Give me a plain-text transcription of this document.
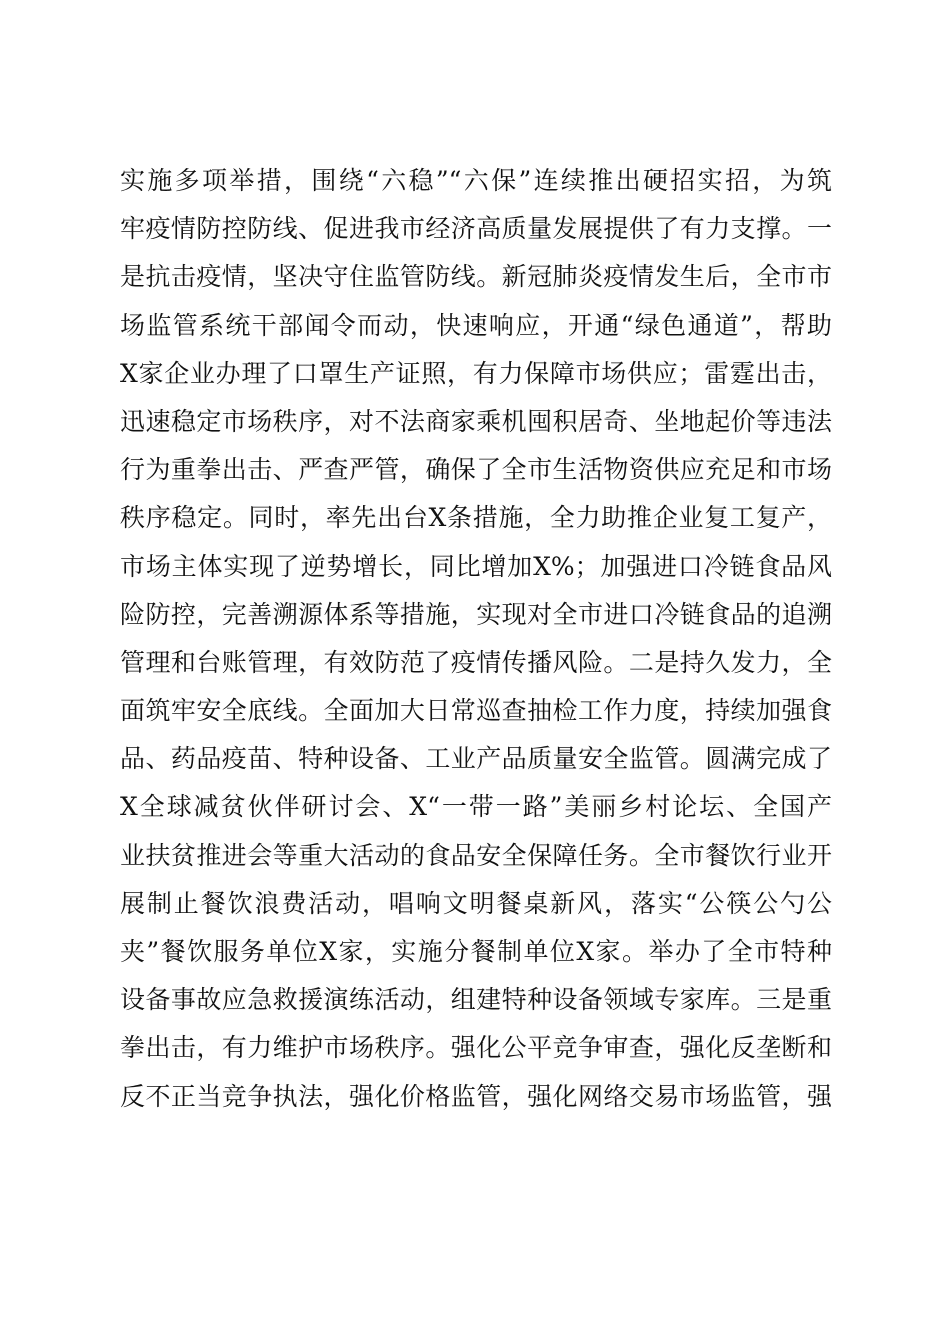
实施多项举措，围绕“六稳”“六保”连续推出硬招实招，为筑
牢疫情防控防线、促进我市经济高质量发展提供了有力支撑。一
是抗击疫情，坚决守住监管防线。新冠肺炎疫情发生后，全市市
场监管系统干部闻令而动，快速响应，开通“绿色通道”，帮助
X家企业办理了口罩生产证照，有力保障市场供应；雷霆出击，
迅速稳定市场秩序，对不法商家乘机囤积居奇、坐地起价等违法
行为重拳出击、严查严管，确保了全市生活物资供应充足和市场
秩序稳定。同时，率先出台X条措施，全力助推企业复工复产，
市场主体实现了逆势增长，同比增加X%；加强进口冷链食品风
险防控，完善溯源体系等措施，实现对全市进口冷链食品的追溯
管理和台账管理，有效防范了疫情传播风险。二是持久发力，全
面筑牢安全底线。全面加大日常巡查抽检工作力度，持续加强食
品、药品疫苗、特种设备、工业产品质量安全监管。圆满完成了
X全球减贫伙伴研讨会、X“一带一路”美丽乡村论坛、全国产
业扶贫推进会等重大活动的食品安全保障任务。全市餐饮行业开
展制止餐饮浪费活动，唱响文明餐桌新风，落实“公筷公勺公
夹”餐饮服务单位X家，实施分餐制单位X家。举办了全市特种
设备事故应急救援演练活动，组建特种设备领域专家库。三是重
拳出击，有力维护市场秩序。强化公平竞争审查，强化反垄断和
反不正当竞争执法，强化价格监管，强化网络交易市场监管，强
